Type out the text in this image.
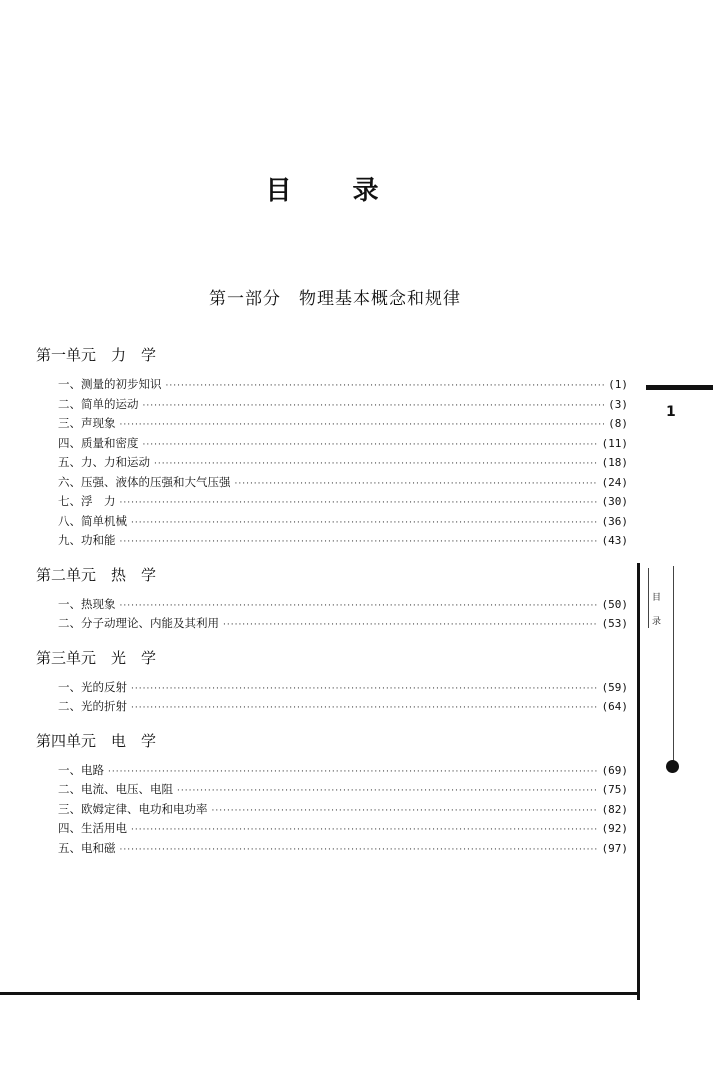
目 录
第一部分　物理基本概念和规律
第一单元　力　学
一、测量的初步知识 ·····	(1)
二、简单的运动 ·····	(3)
三、声现象 ·····	(8)
四、质量和密度 ·····	(11)
五、力、力和运动 ·····	(18)
六、压强、液体的压强和大气压强 ·····	(24)
七、浮　力 ·····	(30)
八、简单机械 ·····	(36)
九、功和能 ·····	(43)
第二单元　热　学
一、热现象 ·····	(50)
二、分子动理论、内能及其利用 ·····	(53)
第三单元　光　学
一、光的反射 ·····	(59)
二、光的折射 ·····	(64)
第四单元　电　学
一、电路 ·····	(69)
二、电流、电压、电阻 ·····	(75)
三、欧姆定律、电功和电功率 ·····	(82)
四、生活用电 ·····	(92)
五、电和磁 ·····	(97)
1
目录
